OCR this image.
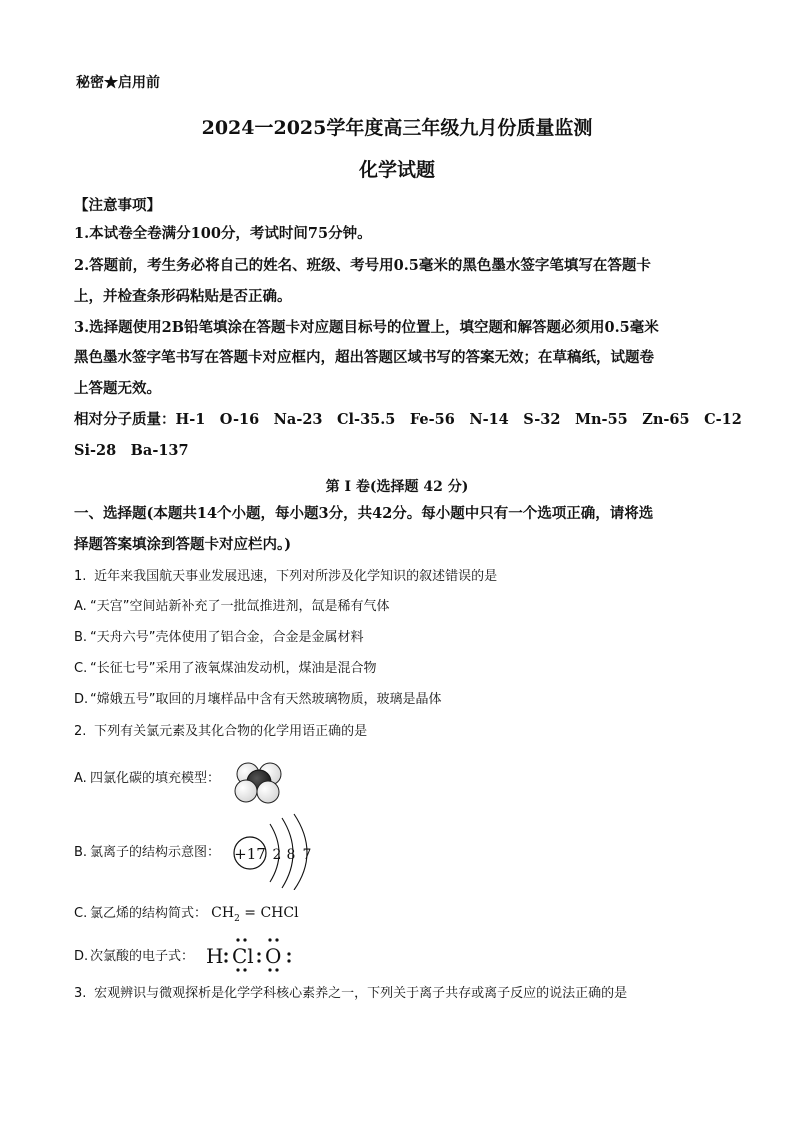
秘密★启用前
2024一2025学年度高三年级九月份质量监测
化学试题
【注意事项】
1.本试卷全卷满分100分，考试时间75分钟。
2.答题前，考生务必将自己的姓名、班级、考号用0.5毫米的黑色墨水签字笔填写在答题卡
上，并检查条形码粘贴是否正确。
3.选择题使用2B铅笔填涂在答题卡对应题目标号的位置上，填空题和解答题必须用0.5毫米
黑色墨水签字笔书写在答题卡对应框内，超出答题区域书写的答案无效；在草稿纸，试题卷
上答题无效。
相对分子质量：H-1　O-16　Na-23　Cl-35.5　Fe-56　N-14　S-32　Mn-55　Zn-65　C-12
Si-28　Ba-137
第 I 卷(选择题 42 分)
一、选择题(本题共14个小题，每小题3分，共42分。每小题中只有一个选项正确，请将选
择题答案填涂到答题卡对应栏内。)
1. 近年来我国航天事业发展迅速，下列对所涉及化学知识的叙述错误的是
A. “天宫”空间站新补充了一批氙推进剂，氙是稀有气体
B. “天舟六号”壳体使用了铝合金，合金是金属材料
C. “长征七号”采用了液氧煤油发动机，煤油是混合物
D. “嫦娥五号”取回的月壤样品中含有天然玻璃物质，玻璃是晶体
2. 下列有关氯元素及其化合物的化学用语正确的是
A. 四氯化碳的填充模型：
B. 氯离子的结构示意图： +17 2 8 7
C. 氯乙烯的结构简式： $CH_2$ = CHCl
D. 次氯酸的电子式： H Cl O
3. 宏观辨识与微观探析是化学学科核心素养之一，下列关于离子共存或离子反应的说法正确的是
